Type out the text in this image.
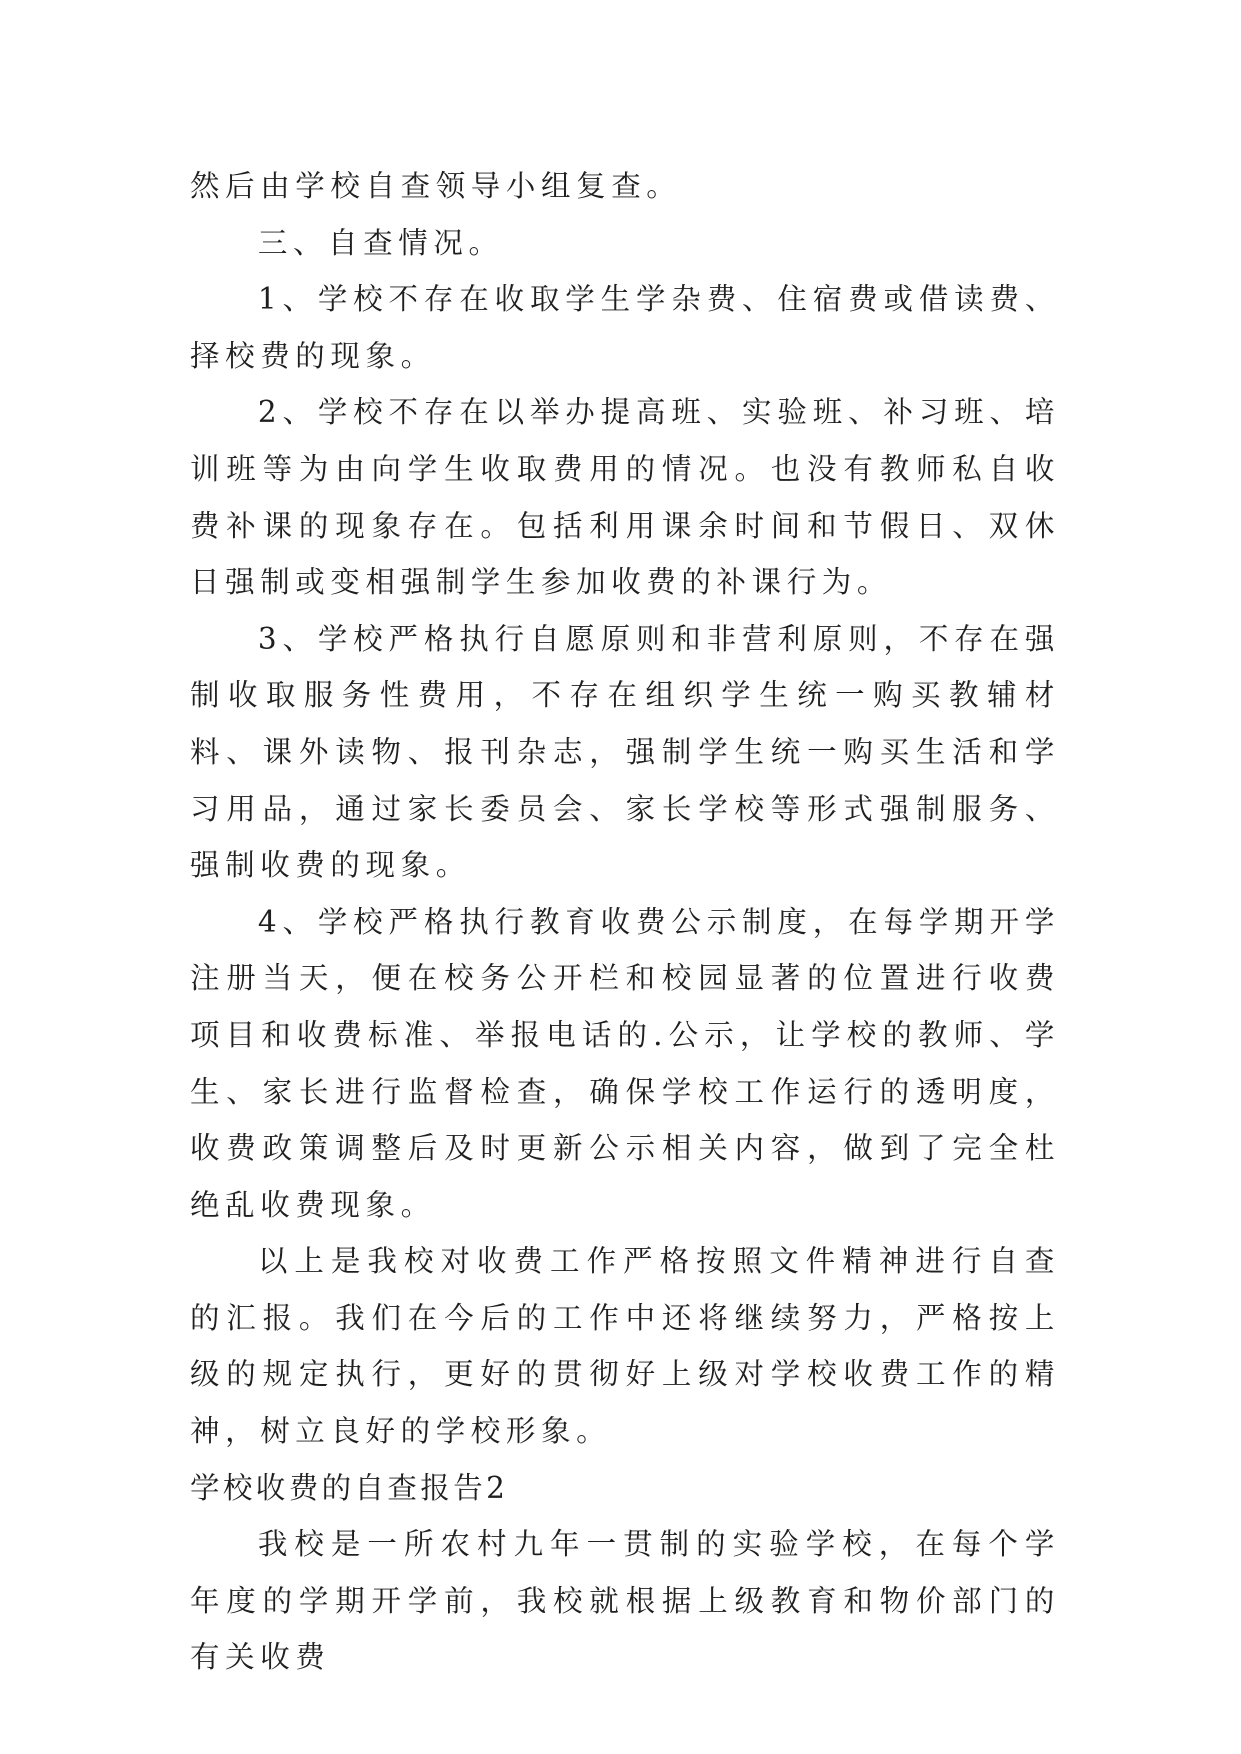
然后由学校自查领导小组复查。

三、自查情况。

1、学校不存在收取学生学杂费、住宿费或借读费、择校费的现象。

2、学校不存在以举办提高班、实验班、补习班、培训班等为由向学生收取费用的情况。也没有教师私自收费补课的现象存在。包括利用课余时间和节假日、双休日强制或变相强制学生参加收费的补课行为。

3、学校严格执行自愿原则和非营利原则，不存在强制收取服务性费用，不存在组织学生统一购买教辅材料、课外读物、报刊杂志，强制学生统一购买生活和学习用品，通过家长委员会、家长学校等形式强制服务、强制收费的现象。

4、学校严格执行教育收费公示制度，在每学期开学注册当天，便在校务公开栏和校园显著的位置进行收费项目和收费标准、举报电话的.公示，让学校的教师、学生、家长进行监督检查，确保学校工作运行的透明度，收费政策调整后及时更新公示相关内容，做到了完全杜绝乱收费现象。

以上是我校对收费工作严格按照文件精神进行自查的汇报。我们在今后的工作中还将继续努力，严格按上级的规定执行，更好的贯彻好上级对学校收费工作的精神，树立良好的学校形象。

学校收费的自查报告2

我校是一所农村九年一贯制的实验学校，在每个学年度的学期开学前，我校就根据上级教育和物价部门的有关收费
